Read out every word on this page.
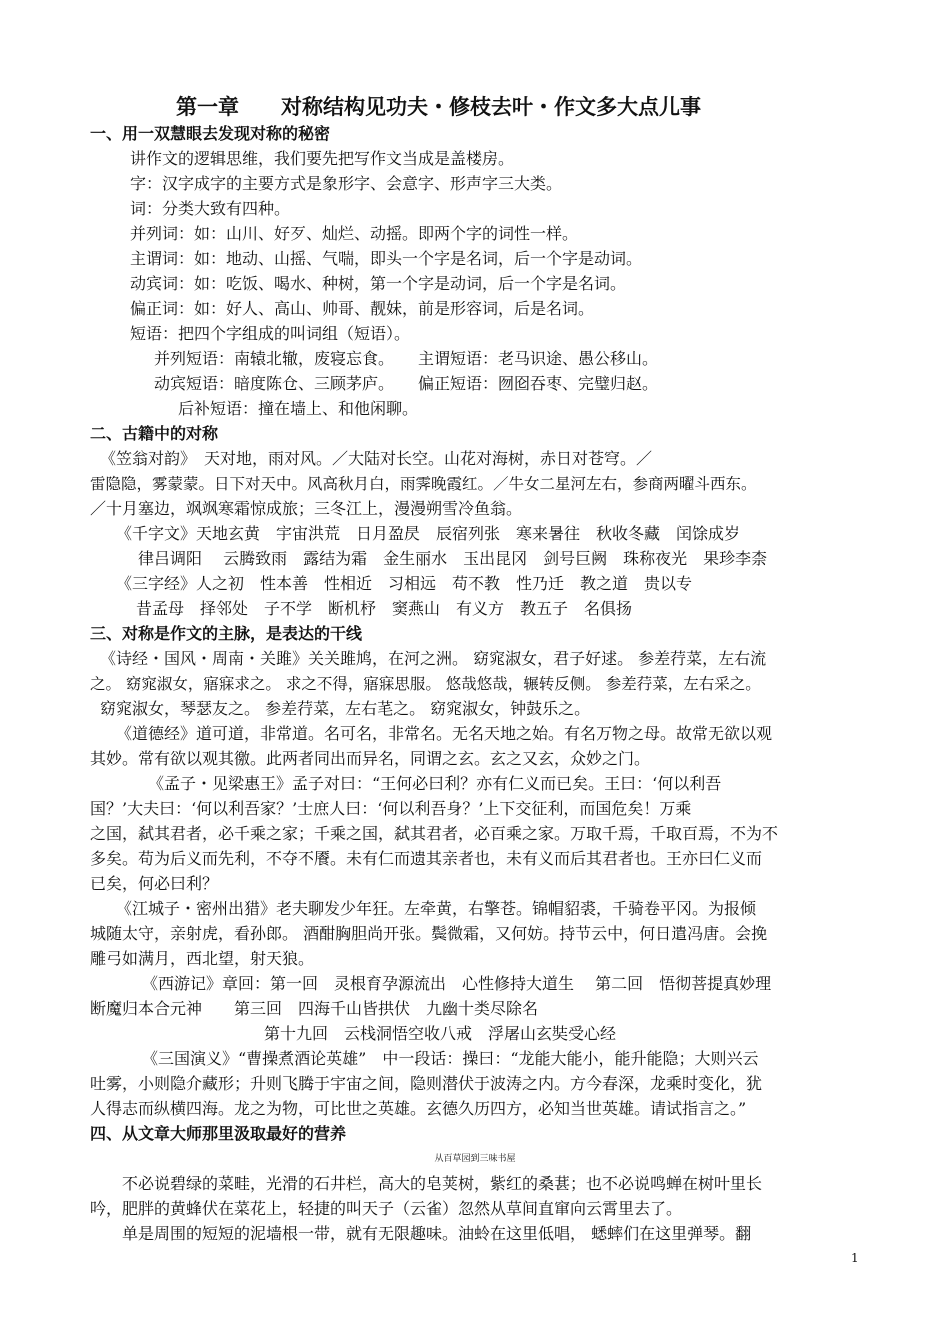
第一章　　对称结构见功夫・修枝去叶・作文多大点儿事
一、用一双慧眼去发现对称的秘密
讲作文的逻辑思维，我们要先把写作文当成是盖楼房。
字：汉字成字的主要方式是象形字、会意字、形声字三大类。
词：分类大致有四种。
并列词：如：山川、好歹、灿烂、动摇。即两个字的词性一样。
主谓词：如：地动、山摇、气喘，即头一个字是名词，后一个字是动词。
动宾词：如：吃饭、喝水、种树，第一个字是动词，后一个字是名词。
偏正词：如：好人、高山、帅哥、靓妹，前是形容词，后是名词。
短语：把四个字组成的叫词组（短语）。
并列短语：南辕北辙，废寝忘食。　　主谓短语：老马识途、愚公移山。
动宾短语：暗度陈仓、三顾茅庐。　　偏正短语：囫囵吞枣、完璧归赵。
后补短语：撞在墙上、和他闲聊。
二、古籍中的对称
《笠翁对韵》　天对地，雨对风。／大陆对长空。山花对海树，赤日对苍穹。／
雷隐隐，雾蒙蒙。日下对天中。风高秋月白，雨霁晚霞红。／牛女二星河左右，参商两曜斗西东。
／十月塞边，飒飒寒霜惊成旅；三冬江上，漫漫朔雪冷鱼翁。
《千字文》天地玄黄　宇宙洪荒　日月盈昃　辰宿列张　寒来暑往　秋收冬藏　闰馀成岁
律吕调阳　 云腾致雨　露结为霜　金生丽水　玉出昆冈　剑号巨阙　珠称夜光　果珍李柰
《三字经》人之初　性本善　性相近　习相远　苟不教　性乃迁　教之道　贵以专
昔孟母　择邻处　子不学　断机杼　窦燕山　有义方　教五子　名俱扬
三、对称是作文的主脉，是表达的干线
《诗经・国风・周南・关雎》关关雎鸠，在河之洲。 窈窕淑女，君子好逑。 参差荇菜，左右流
之。 窈窕淑女，寤寐求之。 求之不得，寤寐思服。 悠哉悠哉，辗转反侧。 参差荇菜，左右采之。
窈窕淑女，琴瑟友之。 参差荇菜，左右芼之。 窈窕淑女，钟鼓乐之。
《道德经》道可道，非常道。名可名，非常名。无名天地之始。有名万物之母。故常无欲以观
其妙。常有欲以观其徼。此两者同出而异名，同谓之玄。玄之又玄，众妙之门。
《孟子・见梁惠王》孟子对曰：“王何必曰利？亦有仁义而已矣。王曰：‘何以利吾
国？’大夫曰：‘何以利吾家？’士庶人曰：‘何以利吾身？’上下交征利，而国危矣！万乘
之国，弑其君者，必千乘之家；千乘之国，弑其君者，必百乘之家。万取千焉，千取百焉，不为不
多矣。苟为后义而先利，不夺不餍。未有仁而遗其亲者也，未有义而后其君者也。王亦曰仁义而
已矣，何必曰利？
《江城子・密州出猎》老夫聊发少年狂。左牵黄，右擎苍。锦帽貂裘，千骑卷平冈。为报倾
城随太守，亲射虎，看孙郎。 酒酣胸胆尚开张。鬓微霜，又何妨。持节云中，何日遣冯唐。会挽
雕弓如满月，西北望，射天狼。
《西游记》章回：第一回　灵根育孕源流出　心性修持大道生　 第二回　悟彻菩提真妙理
断魔归本合元神　　第三回　四海千山皆拱伏　九幽十类尽除名
第十九回　云栈洞悟空收八戒　浮屠山玄奘受心经
《三国演义》“曹操煮酒论英雄”　中一段话：操曰：“龙能大能小，能升能隐；大则兴云
吐雾，小则隐介藏形；升则飞腾于宇宙之间，隐则潜伏于波涛之内。方今春深，龙乘时变化，犹
人得志而纵横四海。龙之为物，可比世之英雄。玄德久历四方，必知当世英雄。请试指言之。”
四、从文章大师那里汲取最好的营养
从百草园到三味书屋
不必说碧绿的菜畦，光滑的石井栏，高大的皂荚树，紫红的桑葚；也不必说鸣蝉在树叶里长
吟，肥胖的黄蜂伏在菜花上，轻捷的叫天子（云雀）忽然从草间直窜向云霄里去了。
单是周围的短短的泥墙根一带，就有无限趣味。油蛉在这里低唱， 蟋蟀们在这里弹琴。翻
1
